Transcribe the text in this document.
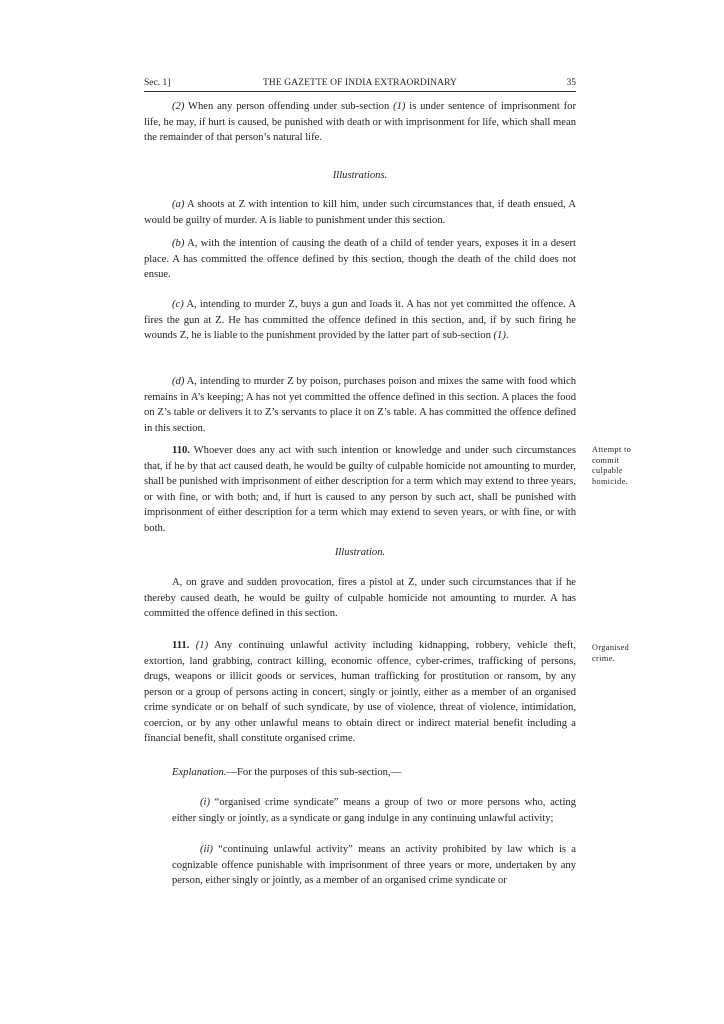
Sec. 1]	THE GAZETTE OF INDIA EXTRAORDINARY	35

(2) When any person offending under sub-section (1) is under sentence of imprisonment for life, he may, if hurt is caused, be punished with death or with imprisonment for life, which shall mean the remainder of that person’s natural life.

Illustrations.

(a) A shoots at Z with intention to kill him, under such circumstances that, if death ensued, A would be guilty of murder. A is liable to punishment under this section.

(b) A, with the intention of causing the death of a child of tender years, exposes it in a desert place. A has committed the offence defined by this section, though the death of the child does not ensue.

(c) A, intending to murder Z, buys a gun and loads it. A has not yet committed the offence. A fires the gun at Z. He has committed the offence defined in this section, and, if by such firing he wounds Z, he is liable to the punishment provided by the latter part of sub-section (1).

(d) A, intending to murder Z by poison, purchases poison and mixes the same with food which remains in A’s keeping; A has not yet committed the offence defined in this section. A places the food on Z’s table or delivers it to Z’s servants to place it on Z’s table. A has committed the offence defined in this section.

110. Whoever does any act with such intention or knowledge and under such circumstances that, if he by that act caused death, he would be guilty of culpable homicide not amounting to murder, shall be punished with imprisonment of either description for a term which may extend to three years, or with fine, or with both; and, if hurt is caused to any person by such act, shall be punished with imprisonment of either description for a term which may extend to seven years, or with fine, or with both.

Attempt to commit culpable homicide.

Illustration.

A, on grave and sudden provocation, fires a pistol at Z, under such circumstances that if he thereby caused death, he would be guilty of culpable homicide not amounting to murder. A has committed the offence defined in this section.

111. (1) Any continuing unlawful activity including kidnapping, robbery, vehicle theft, extortion, land grabbing, contract killing, economic offence, cyber-crimes, trafficking of persons, drugs, weapons or illicit goods or services, human trafficking for prostitution or ransom, by any person or a group of persons acting in concert, singly or jointly, either as a member of an organised crime syndicate or on behalf of such syndicate, by use of violence, threat of violence, intimidation, coercion, or by any other unlawful means to obtain direct or indirect material benefit including a financial benefit, shall constitute organised crime.

Organised crime.

Explanation.—For the purposes of this sub-section,—

(i) “organised crime syndicate” means a group of two or more persons who, acting either singly or jointly, as a syndicate or gang indulge in any continuing unlawful activity;

(ii) “continuing unlawful activity” means an activity prohibited by law which is a cognizable offence punishable with imprisonment of three years or more, undertaken by any person, either singly or jointly, as a member of an organised crime syndicate or
